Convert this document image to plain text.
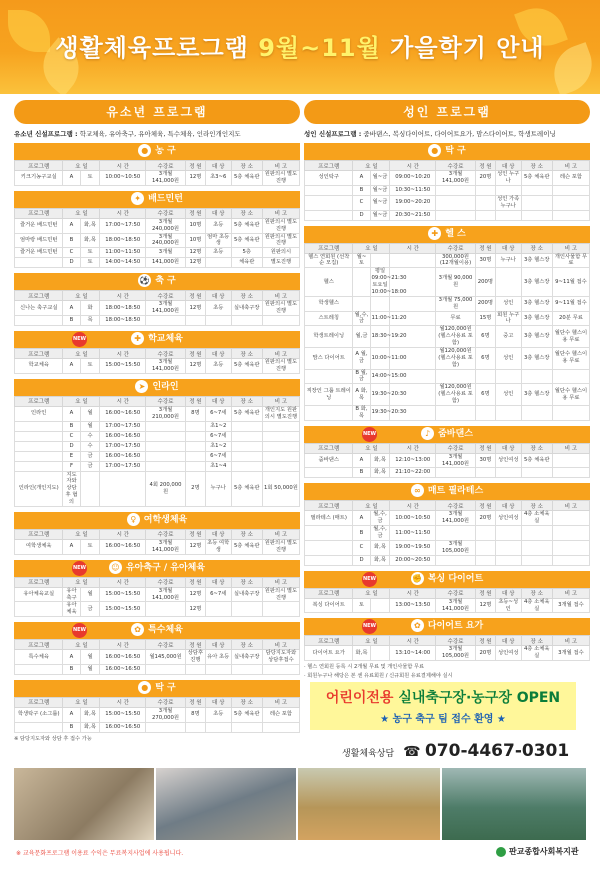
생활체육프로그램 9월~11월 가을학기 안내
유소년 프로그램
유소년 신설프로그램 : 학교체육, 유아축구, 유아체육, 특수체육, 인라인개인지도
● 농 구
프로그램	요 일		시 간	수강료	정 원	대 상	장 소	비 고
키크기농구교실	A	토	10:00~10:50	3개월 141,000원	12명	초3~6	5층 체육관	원판의시 별도진행
✦ 배드민턴
프로그램	요 일		시 간	수강료	정 원	대 상	장 소	비 고
즐거운 배드민턴	A	화,목	17:00~17:50	3개월 240,000원	10명	초등	5층 체육관	원판의시 별도진행
엄마랑 배드민턴	B	화,목	18:00~18:50	3개월 240,000원	10명	엄마 초등생	5층 체육관	원판의시 별도진행
즐거운 배드민턴	C	토	11:00~11:50	3개월	12명	초등	5층	원판의시
	D	토	14:00~14:50	141,000원	12명		체육관	별도진행
⚽ 축 구
프로그램	요 일		시 간	수강료	정 원	대 상	장 소	비 고
신나는 축구교실	A	화	18:00~18:50	3개월 141,000원	12명	초등	실내축구장	원판의시 별도진행
	B	목	18:00~18:50					
NEW	✚ 학교체육
프로그램	요 일		시 간	수강료	정 원	대 상	장 소	비 고
학교체육	A	토	15:00~15:50	3개월 141,000원	12명	초등	5층 체육관	원판의시 별도진행
➤ 인라인
프로그램	요 일		시 간	수강료	정 원	대 상	장 소	비 고
인라인	A	월	16:00~16:50	3개월 210,000원	8명	6~7세	5층 체육관	개인지도 원판의시 별도진행
	B	월	17:00~17:50			초1~2		
	C	수	16:00~16:50			6~7세		
	D	수	17:00~17:50			초1~2		
	E	금	16:00~16:50			6~7세		
	F	금	17:00~17:50			초1~4		
인라인(개인지도)	지도자와 상담 후 협의			4회 200,000원	2명	누구나	5층 체육관	1회 50,000원
♀ 여학생체육
프로그램	요 일		시 간	수강료	정 원	대 상	장 소	비 고
여학생체육	A	토	16:00~16:50	3개월 141,000원	12명	초등 여학생	5층 체육관	원판의시 별도진행
NEW	☺ 유아축구 / 유아체육
프로그램	요 일		시 간	수강료	정 원	대 상	장 소	비 고
유아체육교실	유아축구	월	15:00~15:50	3개월 141,000원	12명	6~7세	실내축구장	원판의시 별도진행
	유아체육	금	15:00~15:50		12명			
NEW	✿ 특수체육
프로그램	요 일		시 간	수강료	정 원	대 상	장 소	비 고
특수체육	A	월	16:00~16:50	월145,000원	상담후 진행	유아 초등	실내축구장	담당지도자와 상담후접수
	B	월	16:00~16:50					
● 탁 구
프로그램	요 일		시 간	수강료	정 원	대 상	장 소	비 고
학생탁구 (소그룹)	A	화,목	15:00~15:50	3개월 270,000원	8명	초등	5층 체육관	레슨 포함
	B	화,목	16:00~16:50					
※ 담당지도자와 상담 후 접수 가능
성인 프로그램
성인 신설프로그램 : 줌바댄스, 복싱다이어트, 다이어트요가, 맘스다이어트, 학생트레이닝
● 탁 구
프로그램	요 일		시 간	수강료	정 원	대 상	장 소	비 고
성인탁구	A	월~금	09:00~10:20	3개월 141,000원	20명	성인 누구나	5층 체육관	레슨 포함
	B	월~금	10:30~11:50					
	C	월~금	19:00~20:20			성인 가족 누구나		
	D	월~금	20:30~21:50					
✚ 헬 스
프로그램	요 일		시 간	수강료	정 원	대 상	장 소	비 고
헬스 연회원 (선착순 모집)	월~토			300,000원 (12개월이용)	30명	누구나	3층 헬스장	개인사물함 무료
헬스		평일09:00~21:30 토요일10:00~18:00		3개월 90,000원	200명		3층 헬스장	9~11월 접수
학생헬스				3개월 75,000원	200명	성인	3층 헬스장	9~11월 접수
스트레칭	월,수,금	11:00~11:20		무료	15명	회원 누구나	3층 헬스장	20분 무료
학생트레이닝	월,금	18:30~19:20		월120,000원 (헬스사용료 포함)	6명	중고	3층 헬스장	월단수 헬스이용 무료
맘스 다이어트	A 월,금	10:00~11:00		월120,000원 (헬스사용료 포함)	6명	성인	3층 헬스장	월단수 헬스이용 무료
	B 월,금	14:00~15:00						
직장인 그룹 트레이닝	A 화,목	19:30~20:30		월120,000원 (헬스사용료 포함)	6명	성인	3층 헬스장	월단수 헬스이용 무료
	B 화,목	19:30~20:30						
NEW	♪ 줌바댄스
프로그램	요 일		시 간	수강료	정 원	대 상	장 소	비 고
줌바댄스	A	화,목	12:10~13:00	3개월 141,000원	30명	성인여성	5층 체육관	
	B	화,목	21:10~22:00					
∞ 매트 필라테스
프로그램	요 일		시 간	수강료	정 원	대 상	장 소	비 고
필라테스 (매트)	A	월,수,금	10:00~10:50	3개월 141,000원	20명	성인여성	4층 소체육실	
	B	월,수,금	11:00~11:50					
	C	화,목	19:00~19:50	3개월 105,000원				
	D	화,목	20:00~20:50					
NEW	✊ 복싱 다이어트
프로그램	요 일		시 간	수강료	정 원	대 상	장 소	비 고
복싱 다이어트	토		13:00~13:50	3개월 141,000원	12명	초등~성인	4층 소체육실	3개월 접수
NEW	✿ 다이어트 요가
프로그램	요 일		시 간	수강료	정 원	대 상	장 소	비 고
다이어트 요가	화,목		13:10~14:00	3개월 105,000원	20명	성인여성	4층 소체육실	3개월 접수
· 헬스 연회원 등록 시 2개월 무료 및 개인사물함 무료
· 회원누구나 해당은 본 센 유료회원 / 신규회원 유료결제해야 실시
어린이전용 실내축구장·농구장 OPEN
★ 농구 축구 팀 접수 환영 ★
생활체육상담  ☎ 070-4467-0301
※ 교육문화프로그램 이용료 수익은 무료복지사업에 사용됩니다.	판교종합사회복지관
